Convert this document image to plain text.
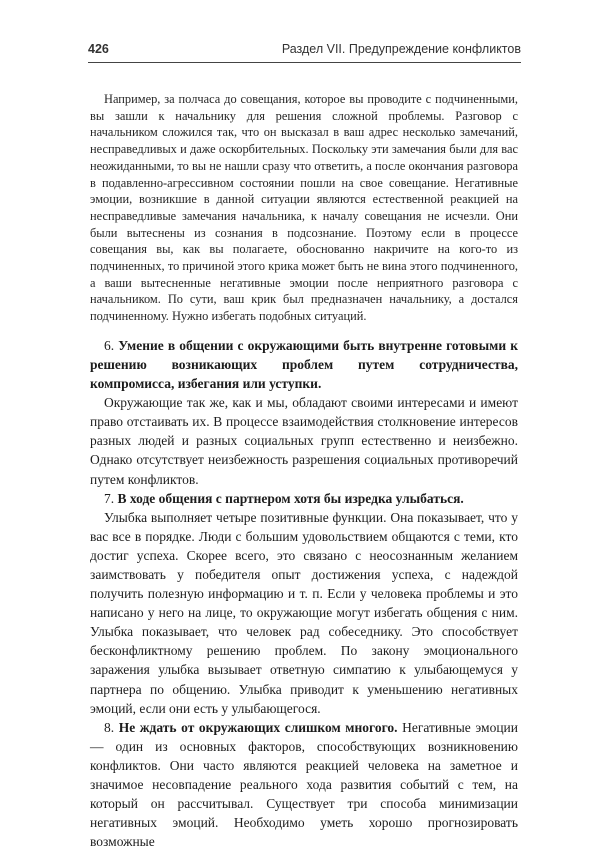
426	Раздел VII. Предупреждение конфликтов

Например, за полчаса до совещания, которое вы проводите с подчиненными, вы зашли к начальнику для решения сложной проблемы. Разговор с начальником сложился так, что он высказал в ваш адрес несколько замечаний, несправедливых и даже оскорбительных. Поскольку эти замечания были для вас неожиданными, то вы не нашли сразу что ответить, а после окончания разговора в подавленно-агрессивном состоянии пошли на свое совещание. Негативные эмоции, возникшие в данной ситуации являются естественной реакцией на несправедливые замечания начальника, к началу совещания не исчезли. Они были вытеснены из сознания в подсознание. Поэтому если в процессе совещания вы, как вы полагаете, обоснованно накричите на кого-то из подчиненных, то причиной этого крика может быть не вина этого подчиненного, а ваши вытесненные негативные эмоции после неприятного разговора с начальником. По сути, ваш крик был предназначен начальнику, а достался подчиненному. Нужно избегать подобных ситуаций.

6. Умение в общении с окружающими быть внутренне готовыми к решению возникающих проблем путем сотрудничества, компромисса, избегания или уступки.

Окружающие так же, как и мы, обладают своими интересами и имеют право отстаивать их. В процессе взаимодействия столкновение интересов разных людей и разных социальных групп естественно и неизбежно. Однако отсутствует неизбежность разрешения социальных противоречий путем конфликтов.

7. В ходе общения с партнером хотя бы изредка улыбаться.

Улыбка выполняет четыре позитивные функции. Она показывает, что у вас все в порядке. Люди с большим удовольствием общаются с теми, кто достиг успеха. Скорее всего, это связано с неосознанным желанием заимствовать у победителя опыт достижения успеха, с надеждой получить полезную информацию и т. п. Если у человека проблемы и это написано у него на лице, то окружающие могут избегать общения с ним. Улыбка показывает, что человек рад собеседнику. Это способствует бесконфликтному решению проблем. По закону эмоционального заражения улыбка вызывает ответную симпатию к улыбающемуся у партнера по общению. Улыбка приводит к уменьшению негативных эмоций, если они есть у улыбающегося.

8. Не ждать от окружающих слишком многого. Негативные эмоции — один из основных факторов, способствующих возникновению конфликтов. Они часто являются реакцией человека на заметное и значимое несовпадение реального хода развития событий с тем, на который он рассчитывал. Существует три способа минимизации негативных эмоций. Необходимо уметь хорошо прогнозировать возможные
